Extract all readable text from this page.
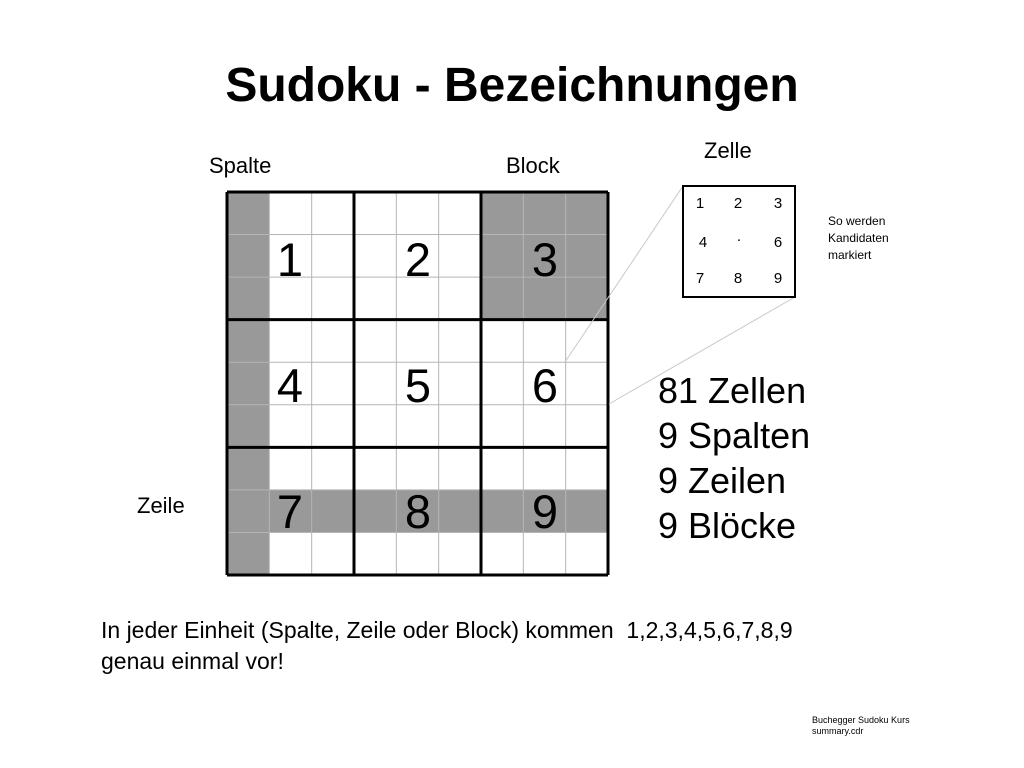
Sudoku - Bezeichnungen
Spalte	Block
Zelle
Zeile
1 2 3
4 5 6
7 8 9
1 2 3
4 · 6
7 8 9
So werden
Kandidaten
markiert
81 Zellen
9 Spalten
9 Zeilen
9 Blöcke
In jeder Einheit (Spalte, Zeile oder Block) kommen  1,2,3,4,5,6,7,8,9
genau einmal vor!
Buchegger Sudoku Kurs
summary.cdr
